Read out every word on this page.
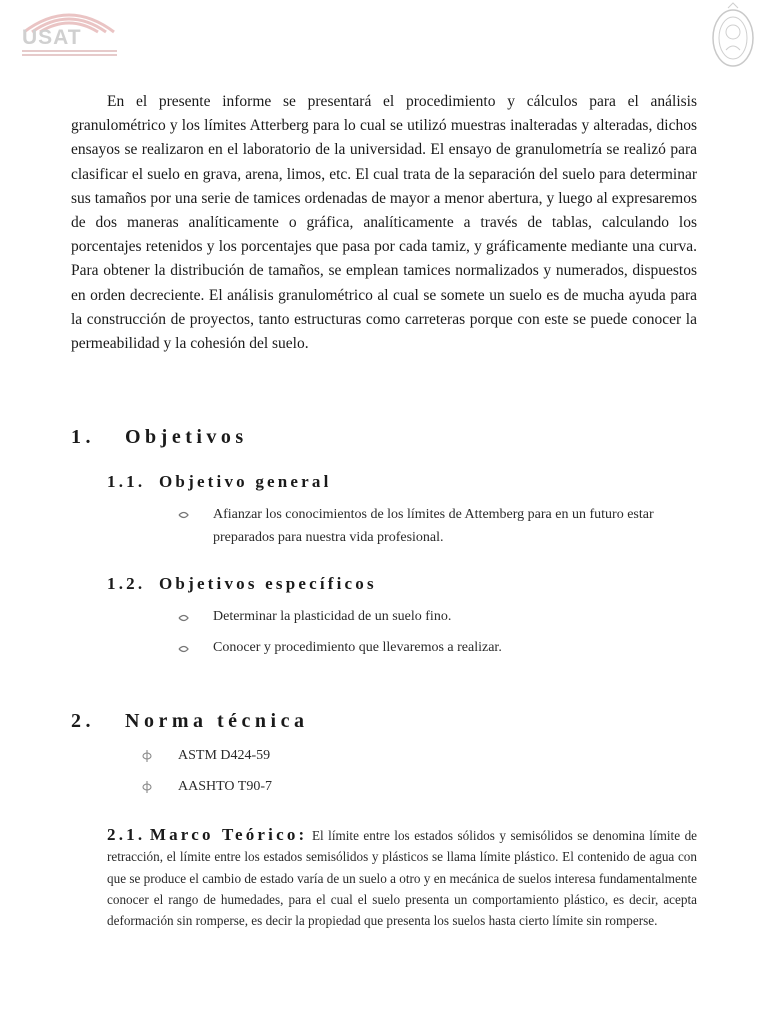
USAT
En el presente informe se presentará el procedimiento y cálculos para el análisis granulométrico y los límites Atterberg para lo cual se utilizó muestras inalteradas y alteradas, dichos ensayos se realizaron en el laboratorio de la universidad. El ensayo de granulometría se realizó para clasificar el suelo en grava, arena, limos, etc. El cual trata de la separación del suelo para determinar sus tamaños por una serie de tamices ordenadas de mayor a menor abertura, y luego al expresaremos de dos maneras analíticamente o gráfica, analíticamente a través de tablas, calculando los porcentajes retenidos y los porcentajes que pasa por cada tamiz, y gráficamente mediante una curva. Para obtener la distribución de tamaños, se emplean tamices normalizados y numerados, dispuestos en orden decreciente. El análisis granulométrico al cual se somete un suelo es de mucha ayuda para la construcción de proyectos, tanto estructuras como carreteras porque con este se puede conocer la permeabilidad y la cohesión del suelo.
1. Objetivos
1.1. Objetivo general
Afianzar los conocimientos de los límites de Attemberg para en un futuro estar preparados para nuestra vida profesional.
1.2. Objetivos específicos
Determinar la plasticidad de un suelo fino.
Conocer y procedimiento que llevaremos a realizar.
2. Norma técnica
ASTM D424-59
AASHTO T90-7
2.1. Marco Teórico: El límite entre los estados sólidos y semisólidos se denomina límite de retracción, el límite entre los estados semisólidos y plásticos se llama límite plástico. El contenido de agua con que se produce el cambio de estado varía de un suelo a otro y en mecánica de suelos interesa fundamentalmente conocer el rango de humedades, para el cual el suelo presenta un comportamiento plástico, es decir, acepta deformación sin romperse, es decir la propiedad que presenta los suelos hasta cierto límite sin romperse.
